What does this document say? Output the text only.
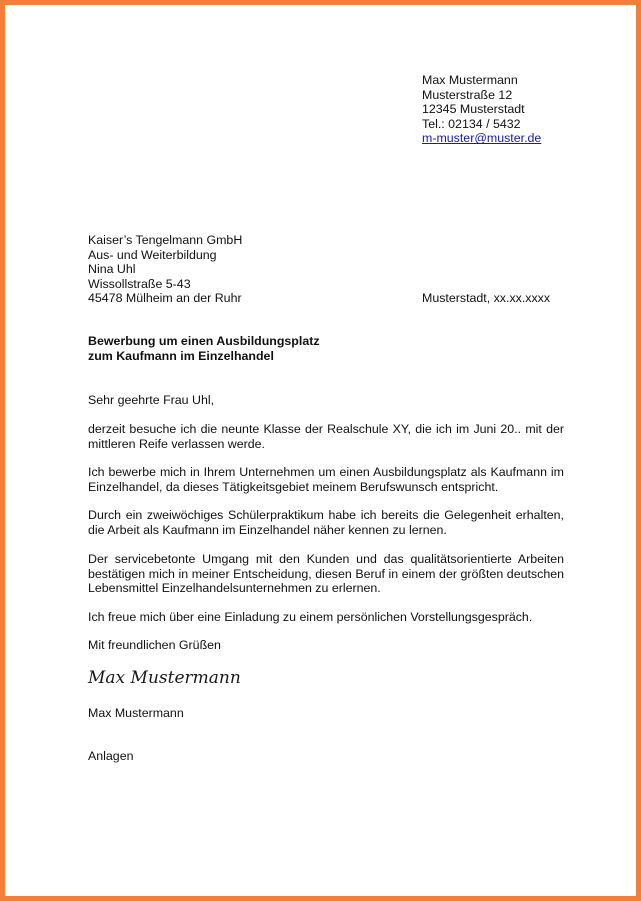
Max Mustermann
Musterstraße 12
12345 Musterstadt
Tel.: 02134 / 5432
m-muster@muster.de
Kaiser’s Tengelmann GmbH
Aus- und Weiterbildung
Nina Uhl
Wissollstraße 5-43
45478 Mülheim an der Ruhr	Musterstadt, xx.xx.xxxx
Bewerbung um einen Ausbildungsplatz
zum Kaufmann im Einzelhandel
Sehr geehrte Frau Uhl,
derzeit besuche ich die neunte Klasse der Realschule XY, die ich im Juni 20.. mit der mittleren Reife verlassen werde.
Ich bewerbe mich in Ihrem Unternehmen um einen Ausbildungsplatz als Kaufmann im Einzelhandel, da dieses Tätigkeitsgebiet meinem Berufswunsch entspricht.
Durch ein zweiwöchiges Schülerpraktikum habe ich bereits die Gelegenheit erhalten, die Arbeit als Kaufmann im Einzelhandel näher kennen zu lernen.
Der servicebetonte Umgang mit den Kunden und das qualitätsorientierte Arbeiten bestätigen mich in meiner Entscheidung, diesen Beruf in einem der größten deutschen Lebensmittel Einzelhandelsunternehmen zu erlernen.
Ich freue mich über eine Einladung zu einem persönlichen Vorstellungsgespräch.
Mit freundlichen Grüßen
Max Mustermann
Max Mustermann
Anlagen
